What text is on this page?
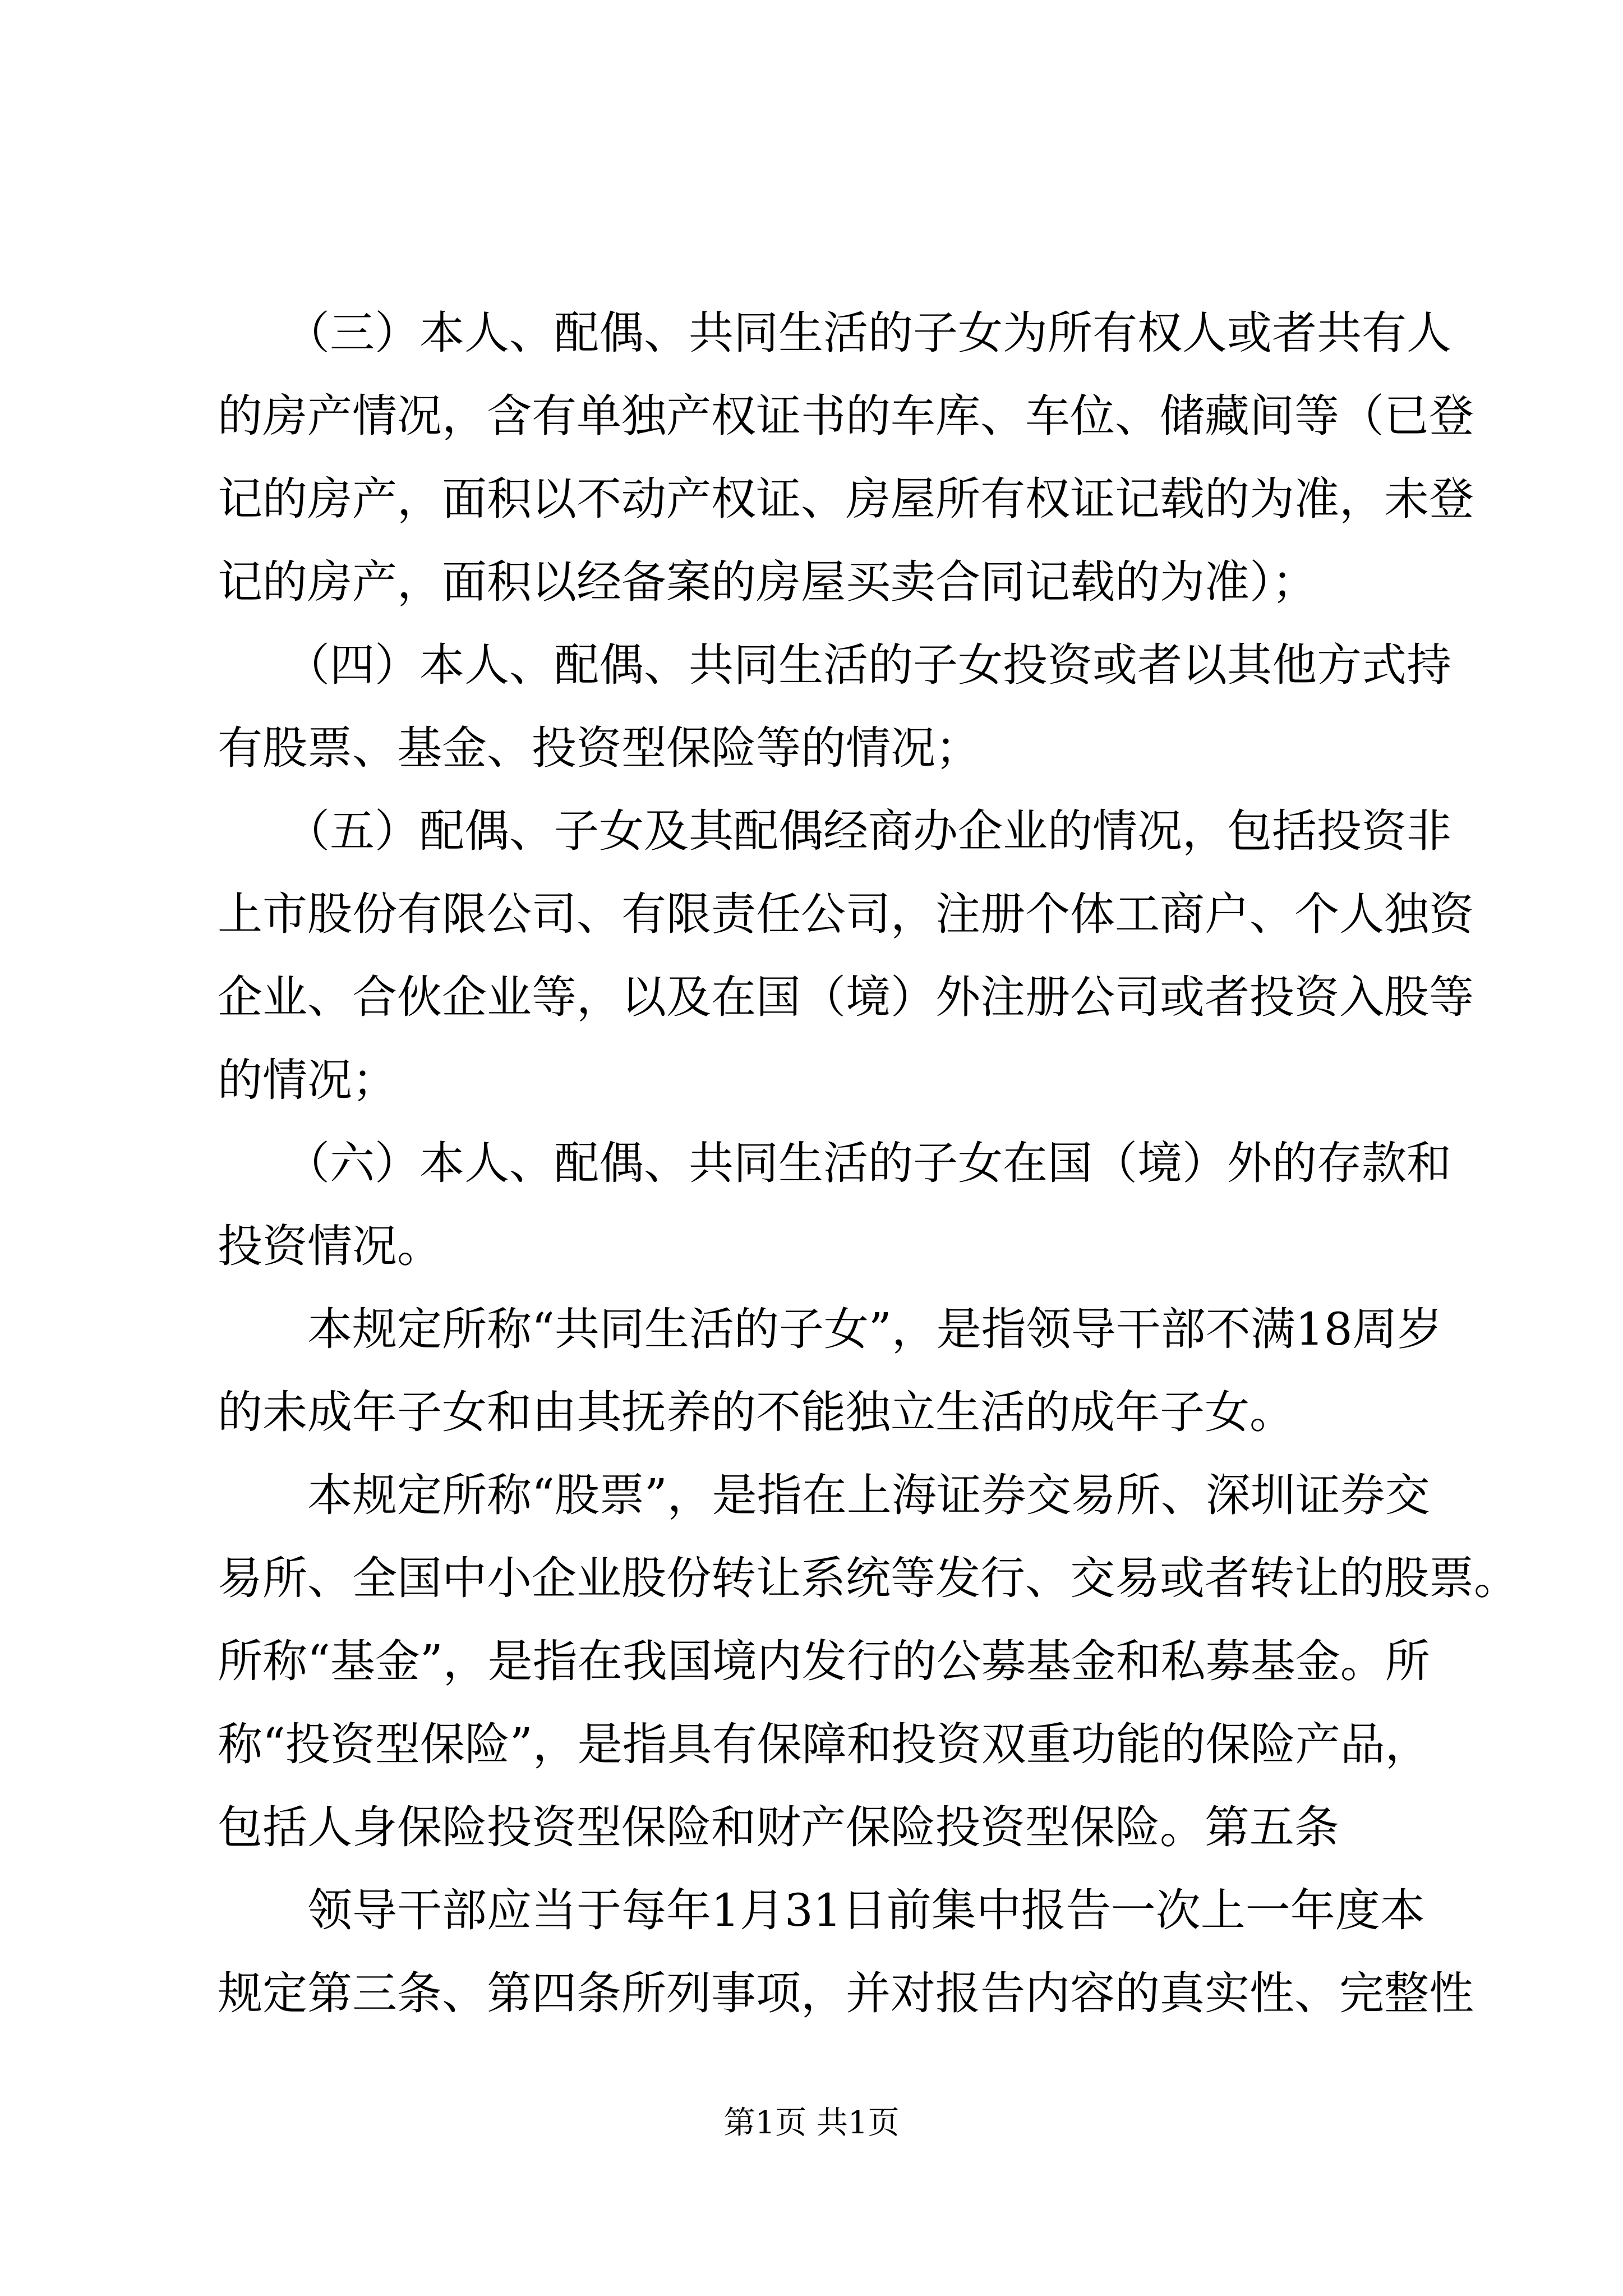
　　（三）本人、配偶、共同生活的子女为所有权人或者共有人
的房产情况，含有单独产权证书的车库、车位、储藏间等（已登
记的房产，面积以不动产权证、房屋所有权证记载的为准，未登
记的房产，面积以经备案的房屋买卖合同记载的为准）；
　　（四）本人、配偶、共同生活的子女投资或者以其他方式持
有股票、基金、投资型保险等的情况；
　　（五）配偶、子女及其配偶经商办企业的情况，包括投资非
上市股份有限公司、有限责任公司，注册个体工商户、个人独资
企业、合伙企业等，以及在国（境）外注册公司或者投资入股等
的情况；
　　（六）本人、配偶、共同生活的子女在国（境）外的存款和
投资情况。
　　本规定所称“共同生活的子女”，是指领导干部不满18周岁
的未成年子女和由其抚养的不能独立生活的成年子女。
　　本规定所称“股票”，是指在上海证券交易所、深圳证券交
易所、全国中小企业股份转让系统等发行、交易或者转让的股票。
所称“基金”，是指在我国境内发行的公募基金和私募基金。所
称“投资型保险”，是指具有保障和投资双重功能的保险产品，
包括人身保险投资型保险和财产保险投资型保险。第五条
　　领导干部应当于每年1月31日前集中报告一次上一年度本
规定第三条、第四条所列事项，并对报告内容的真实性、完整性
第1页 共1页
